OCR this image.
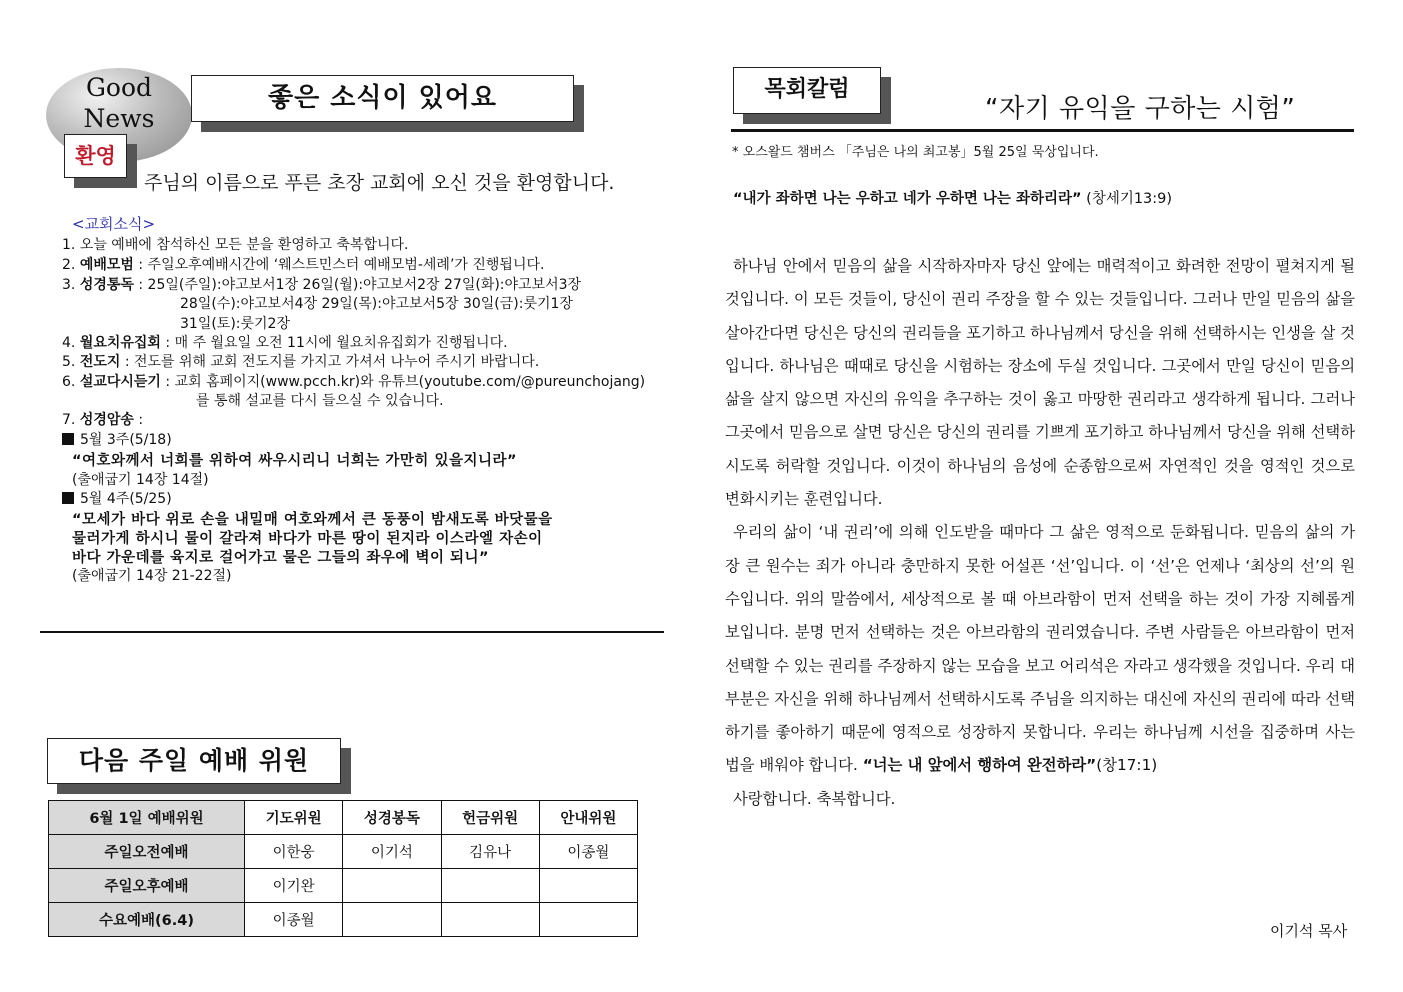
Good
News
좋은 소식이 있어요
환영
주님의 이름으로 푸른 초장 교회에 오신 것을 환영합니다.
<교회소식>
1. 오늘 예배에 참석하신 모든 분을 환영하고 축복합니다.
2. 예배모범 : 주일오후예배시간에 ‘웨스트민스터 예배모범-세례’가 진행됩니다.
3. 성경통독 : 25일(주일):야고보서1장 26일(월):야고보서2장 27일(화):야고보서3장
28일(수):야고보서4장 29일(목):야고보서5장 30일(금):룻기1장
31일(토):룻기2장
4. 월요치유집회 : 매 주 월요일 오전 11시에 월요치유집회가 진행됩니다.
5. 전도지 : 전도를 위해 교회 전도지를 가지고 가셔서 나누어 주시기 바랍니다.
6. 설교다시듣기 : 교회 홈페이지(www.pcch.kr)와 유튜브(youtube.com/@pureunchojang)
를 통해 설교를 다시 들으실 수 있습니다.
7. 성경암송 :
5월 3주(5/18)
“여호와께서 너희를 위하여 싸우시리니 너희는 가만히 있을지니라”
(출애굽기 14장 14절)
5월 4주(5/25)
“모세가 바다 위로 손을 내밀매 여호와께서 큰 동풍이 밤새도록 바닷물을
물러가게 하시니 물이 갈라져 바다가 마른 땅이 된지라 이스라엘 자손이
바다 가운데를 육지로 걸어가고 물은 그들의 좌우에 벽이 되니”
(출애굽기 14장 21-22절)
다음 주일 예배 위원
6월 1일 예배위원	기도위원	성경봉독	헌금위원	안내위원
주일오전예배	이한웅	이기석	김유나	이종월
주일오후예배	이기완			
수요예배(6.4)	이종월			
목회칼럼
“자기 유익을 구하는 시험”
* 오스왈드 챔버스 「주님은 나의 최고봉」5월 25일 묵상입니다.
“내가 좌하면 나는 우하고 네가 우하면 나는 좌하리라” (창세기13:9)

하나님 안에서 믿음의 삶을 시작하자마자 당신 앞에는 매력적이고 화려한 전망이 펼쳐지게 될 것입니다. 이 모든 것들이, 당신이 권리 주장을 할 수 있는 것들입니다. 그러나 만일 믿음의 삶을 살아간다면 당신은 당신의 권리들을 포기하고 하나님께서 당신을 위해 선택하시는 인생을 살 것입니다. 하나님은 때때로 당신을 시험하는 장소에 두실 것입니다. 그곳에서 만일 당신이 믿음의 삶을 살지 않으면 자신의 유익을 추구하는 것이 옳고 마땅한 권리라고 생각하게 됩니다. 그러나 그곳에서 믿음으로 살면 당신은 당신의 권리를 기쁘게 포기하고 하나님께서 당신을 위해 선택하시도록 허락할 것입니다. 이것이 하나님의 음성에 순종함으로써 자연적인 것을 영적인 것으로 변화시키는 훈련입니다.

우리의 삶이 ‘내 권리’에 의해 인도받을 때마다 그 삶은 영적으로 둔화됩니다. 믿음의 삶의 가장 큰 원수는 죄가 아니라 충만하지 못한 어설픈 ‘선’입니다. 이 ‘선’은 언제나 ‘최상의 선’의 원수입니다. 위의 말씀에서, 세상적으로 볼 때 아브라함이 먼저 선택을 하는 것이 가장 지혜롭게 보입니다. 분명 먼저 선택하는 것은 아브라함의 권리였습니다. 주변 사람들은 아브라함이 먼저 선택할 수 있는 권리를 주장하지 않는 모습을 보고 어리석은 자라고 생각했을 것입니다. 우리 대부분은 자신을 위해 하나님께서 선택하시도록 주님을 의지하는 대신에 자신의 권리에 따라 선택하기를 좋아하기 때문에 영적으로 성장하지 못합니다. 우리는 하나님께 시선을 집중하며 사는 법을 배워야 합니다. “너는 내 앞에서 행하여 완전하라”(창17:1)

사랑합니다. 축복합니다.

이기석 목사
